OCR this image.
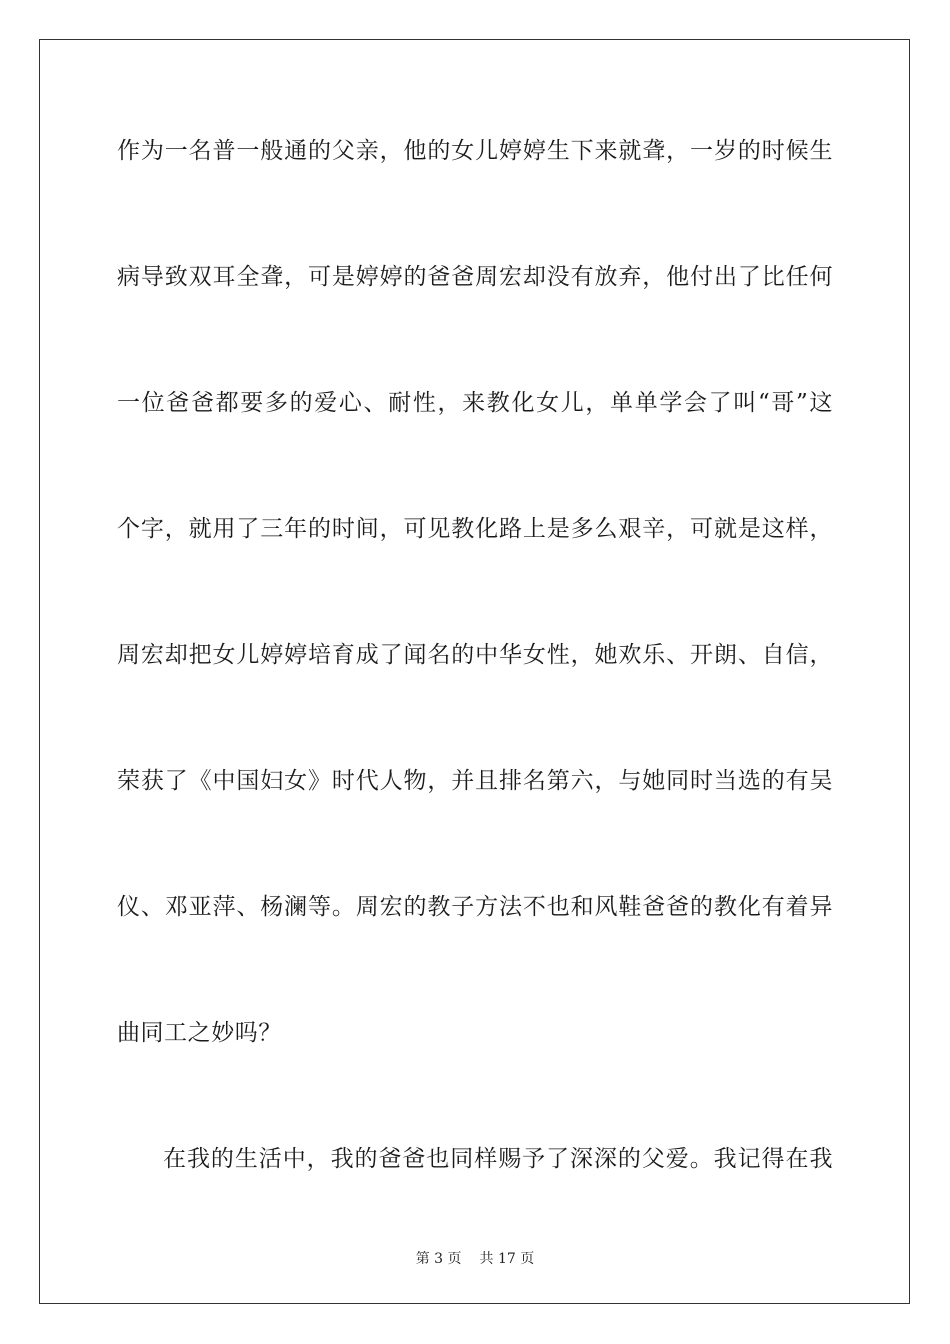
作为一名普一般通的父亲，他的女儿婷婷生下来就聋，一岁的时候生
病导致双耳全聋，可是婷婷的爸爸周宏却没有放弃，他付出了比任何
一位爸爸都要多的爱心、耐性，来教化女儿，单单学会了叫“哥”这
个字，就用了三年的时间，可见教化路上是多么艰辛，可就是这样，
周宏却把女儿婷婷培育成了闻名的中华女性，她欢乐、开朗、自信，
荣获了《中国妇女》时代人物，并且排名第六，与她同时当选的有吴
仪、邓亚萍、杨澜等。周宏的教子方法不也和风鞋爸爸的教化有着异
曲同工之妙吗？
在我的生活中，我的爸爸也同样赐予了深深的父爱。我记得在我
第 3 页 共 17 页
